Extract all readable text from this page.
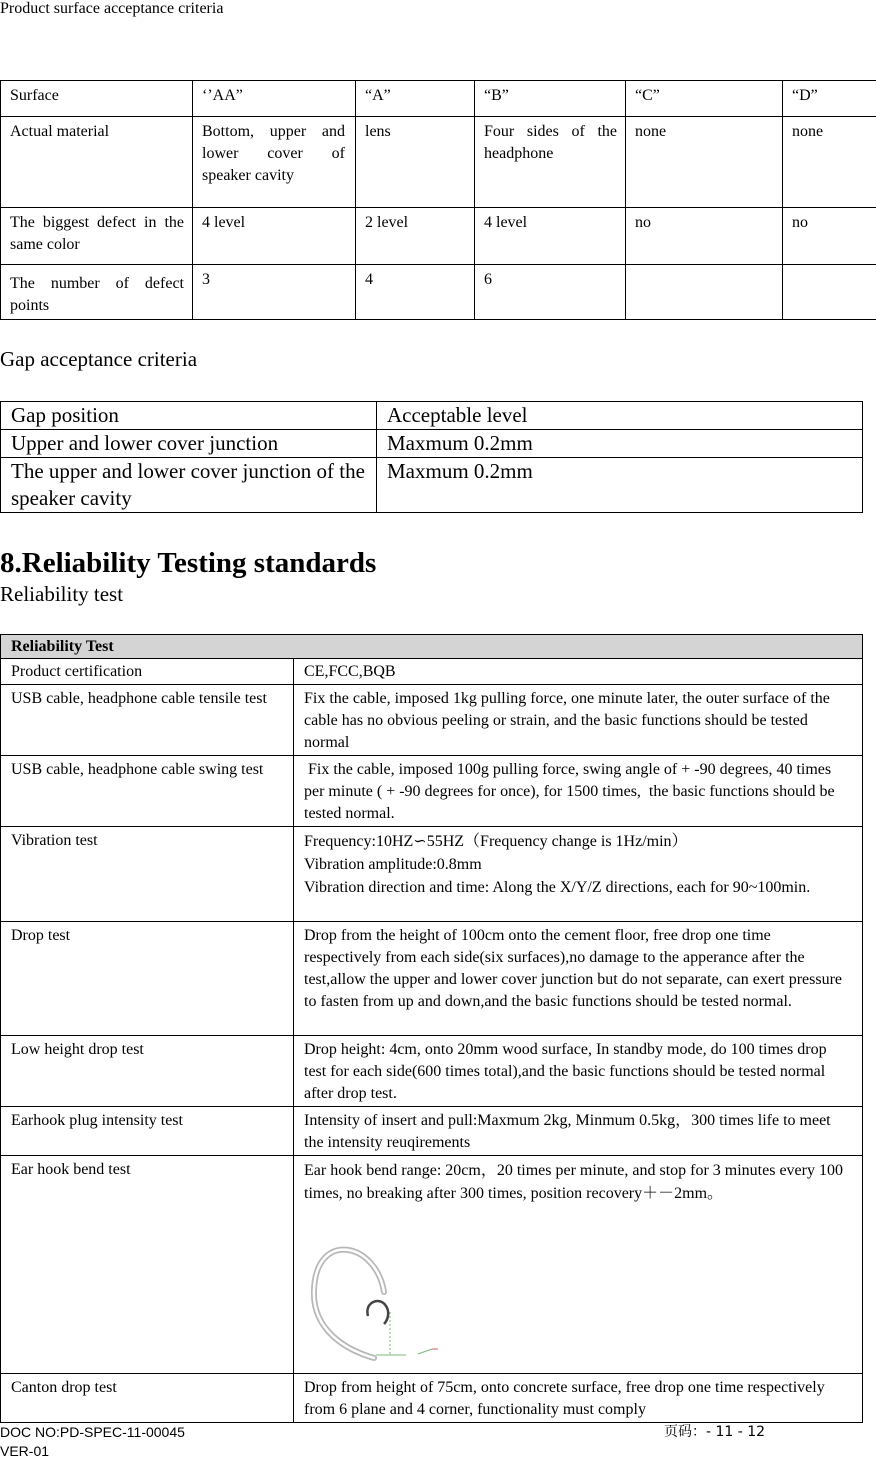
Product surface acceptance criteria
Surface	‘’AA”	“A”	“B”	“C”	“D”
Actual material	Bottom, upper and lower cover of speaker cavity	lens	Four sides of the headphone	none	none
The biggest defect in the same color	4 level	2 level	4 level	no	no
The number of defect points	3	4	6		
Gap acceptance criteria
Gap position	Acceptable level
Upper and lower cover junction	Maxmum 0.2mm
The upper and lower cover junction of the speaker cavity	Maxmum 0.2mm
8.Reliability Testing standards
Reliability test
Reliability Test	
Product certification	CE,FCC,BQB
USB cable, headphone cable tensile test	Fix the cable, imposed 1kg pulling force, one minute later, the outer surface of the cable has no obvious peeling or strain, and the basic functions should be tested normal
USB cable, headphone cable swing test	Fix the cable, imposed 100g pulling force, swing angle of + -90 degrees, 40 times per minute ( + -90 degrees for once), for 1500 times,  the basic functions should be tested normal.
Vibration test	Frequency:10HZ∽55HZ（Frequency change is 1Hz/min）
Vibration amplitude:0.8mm
Vibration direction and time: Along the X/Y/Z directions, each for 90~100min.
Drop test	Drop from the height of 100cm onto the cement floor, free drop one time respectively from each side(six surfaces),no damage to the apperance after the test,allow the upper and lower cover junction but do not separate, can exert pressure to fasten from up and down,and the basic functions should be tested normal.
Low height drop test	Drop height: 4cm, onto 20mm wood surface, In standby mode, do 100 times drop test for each side(600 times total),and the basic functions should be tested normal after drop test.
Earhook plug intensity test	Intensity of insert and pull:Maxmum 2kg, Minmum 0.5kg，300 times life to meet the intensity reuqirements
Ear hook bend test	Ear hook bend range: 20cm，20 times per minute, and stop for 3 minutes every 100 times, no breaking after 300 times, position recovery＋－2mm。

Canton drop test	Drop from height of 75cm, onto concrete surface, free drop one time respectively from 6 plane and 4 corner, functionality must comply
DOC NO:PD-SPEC-11-00045	页码：- 11 - 12
VER-01
